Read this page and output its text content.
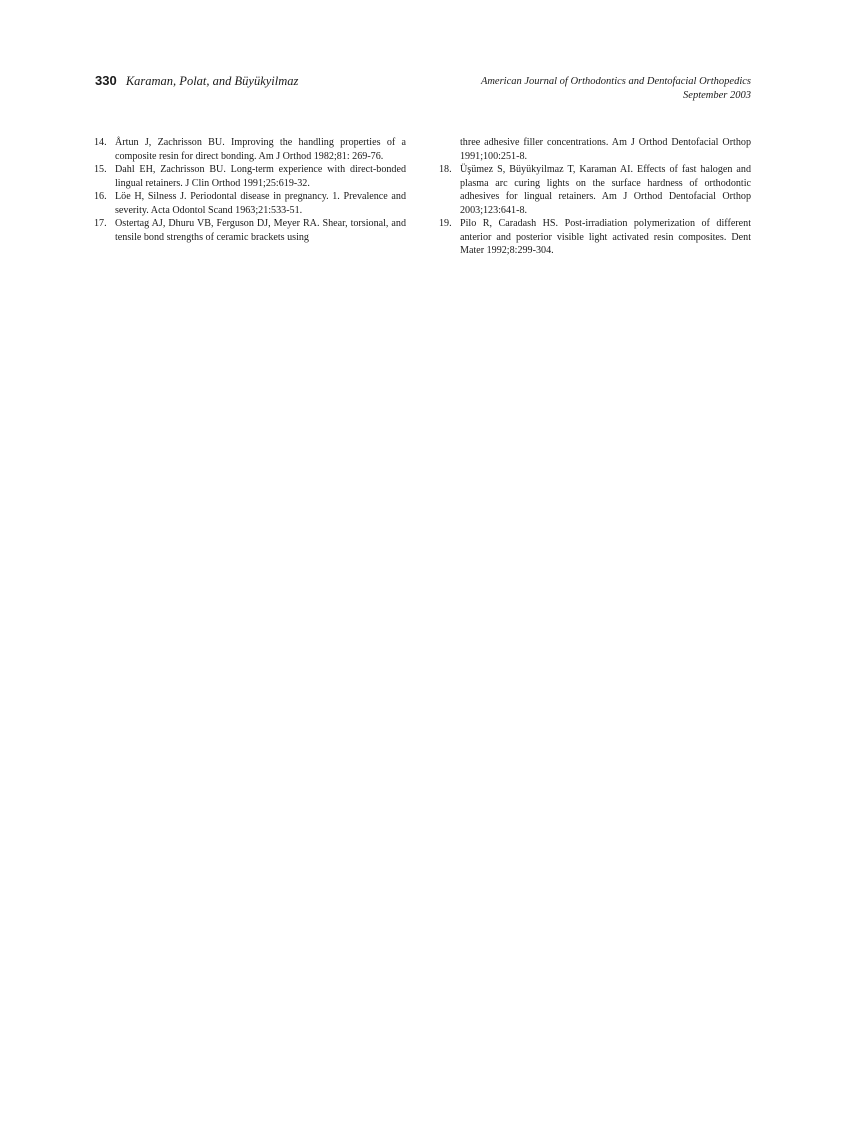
330 Karaman, Polat, and Büyükyilmaz	American Journal of Orthodontics and Dentofacial Orthopedics
September 2003
14. Årtun J, Zachrisson BU. Improving the handling properties of a composite resin for direct bonding. Am J Orthod 1982;81: 269-76.
15. Dahl EH, Zachrisson BU. Long-term experience with direct-bonded lingual retainers. J Clin Orthod 1991;25:619-32.
16. Löe H, Silness J. Periodontal disease in pregnancy. 1. Prevalence and severity. Acta Odontol Scand 1963;21:533-51.
17. Ostertag AJ, Dhuru VB, Ferguson DJ, Meyer RA. Shear, torsional, and tensile bond strengths of ceramic brackets using
three adhesive filler concentrations. Am J Orthod Dentofacial Orthop 1991;100:251-8.
18. Üşümez S, Büyükyilmaz T, Karaman AI. Effects of fast halogen and plasma arc curing lights on the surface hardness of orthodontic adhesives for lingual retainers. Am J Orthod Dentofacial Orthop 2003;123:641-8.
19. Pilo R, Caradash HS. Post-irradiation polymerization of different anterior and posterior visible light activated resin composites. Dent Mater 1992;8:299-304.
